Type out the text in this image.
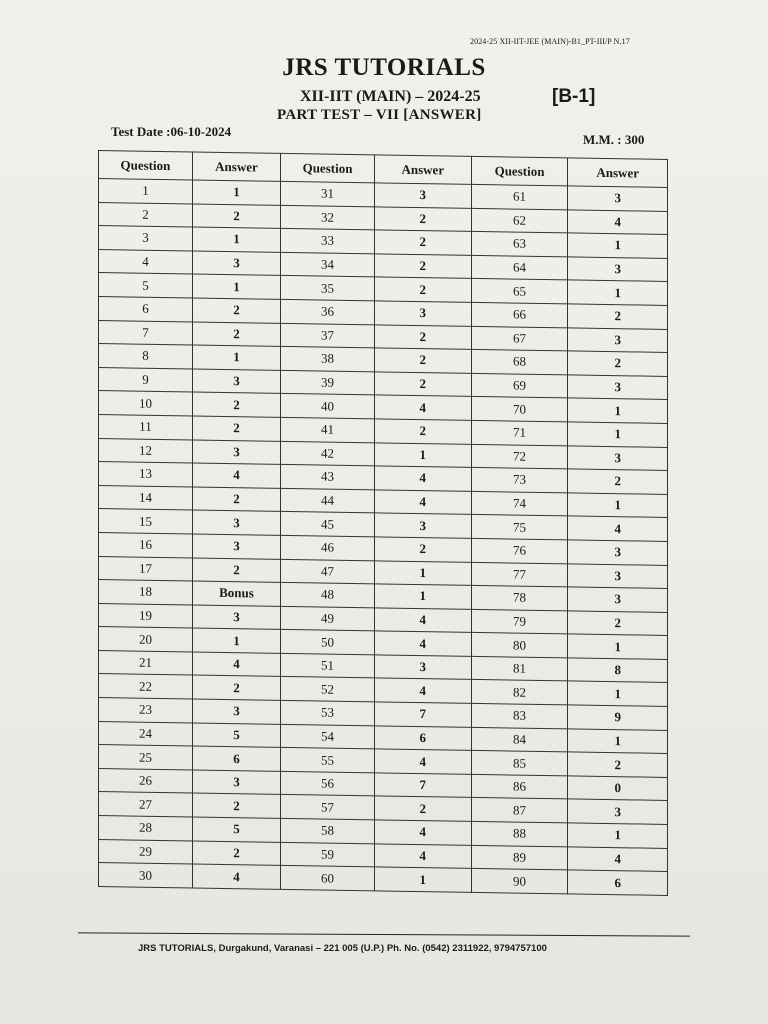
2024-25 XII-IIT-JEE (MAIN)-B1_PT-III/P N.17
JRS TUTORIALS
XII-IIT (MAIN) – 2024-25	[B-1]
PART TEST – VII [ANSWER]
Test Date :06-10-2024
M.M. : 300
Question	Answer	Question	Answer	Question	Answer
1	1	31	3	61	3
2	2	32	2	62	4
3	1	33	2	63	1
4	3	34	2	64	3
5	1	35	2	65	1
6	2	36	3	66	2
7	2	37	2	67	3
8	1	38	2	68	2
9	3	39	2	69	3
10	2	40	4	70	1
11	2	41	2	71	1
12	3	42	1	72	3
13	4	43	4	73	2
14	2	44	4	74	1
15	3	45	3	75	4
16	3	46	2	76	3
17	2	47	1	77	3
18	Bonus	48	1	78	3
19	3	49	4	79	2
20	1	50	4	80	1
21	4	51	3	81	8
22	2	52	4	82	1
23	3	53	7	83	9
24	5	54	6	84	1
25	6	55	4	85	2
26	3	56	7	86	0
27	2	57	2	87	3
28	5	58	4	88	1
29	2	59	4	89	4
30	4	60	1	90	6
JRS TUTORIALS, Durgakund, Varanasi – 221 005 (U.P.) Ph. No. (0542) 2311922, 9794757100
